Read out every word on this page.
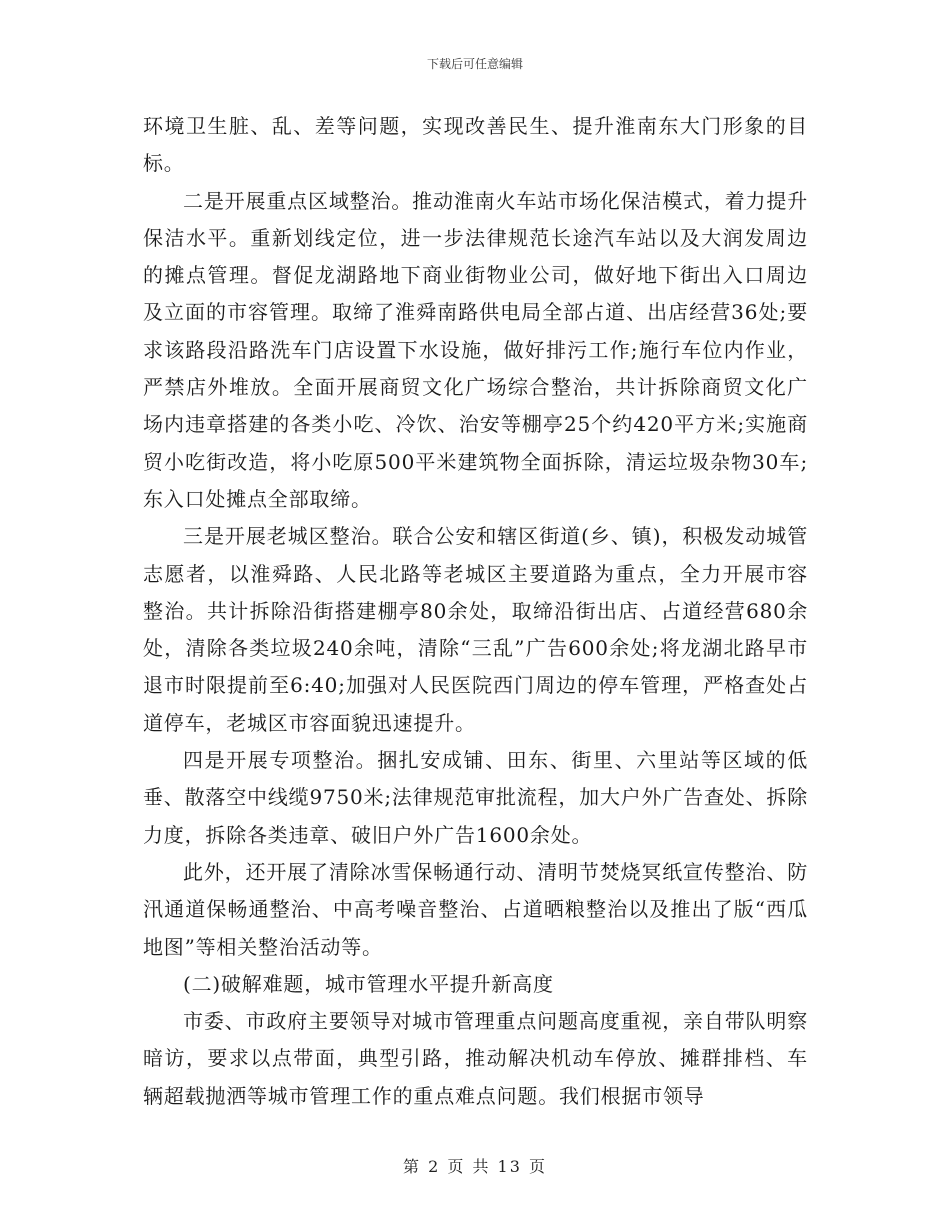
下载后可任意编辑

环境卫生脏、乱、差等问题，实现改善民生、提升淮南东大门形象的目标。

二是开展重点区域整治。推动淮南火车站市场化保洁模式，着力提升保洁水平。重新划线定位，进一步法律规范长途汽车站以及大润发周边的摊点管理。督促龙湖路地下商业街物业公司，做好地下街出入口周边及立面的市容管理。取缔了淮舜南路供电局全部占道、出店经营36处;要求该路段沿路洗车门店设置下水设施，做好排污工作;施行车位内作业，严禁店外堆放。全面开展商贸文化广场综合整治，共计拆除商贸文化广场内违章搭建的各类小吃、冷饮、治安等棚亭25个约420平方米;实施商贸小吃街改造，将小吃原500平米建筑物全面拆除，清运垃圾杂物30车;东入口处摊点全部取缔。

三是开展老城区整治。联合公安和辖区街道(乡、镇)，积极发动城管志愿者，以淮舜路、人民北路等老城区主要道路为重点，全力开展市容整治。共计拆除沿街搭建棚亭80余处，取缔沿街出店、占道经营680余处，清除各类垃圾240余吨，清除“三乱”广告600余处;将龙湖北路早市退市时限提前至6:40;加强对人民医院西门周边的停车管理，严格查处占道停车，老城区市容面貌迅速提升。

四是开展专项整治。捆扎安成铺、田东、街里、六里站等区域的低垂、散落空中线缆9750米;法律规范审批流程，加大户外广告查处、拆除力度，拆除各类违章、破旧户外广告1600余处。

此外，还开展了清除冰雪保畅通行动、清明节焚烧冥纸宣传整治、防汛通道保畅通整治、中高考噪音整治、占道晒粮整治以及推出了版“西瓜地图”等相关整治活动等。

(二)破解难题，城市管理水平提升新高度

市委、市政府主要领导对城市管理重点问题高度重视，亲自带队明察暗访，要求以点带面，典型引路，推动解决机动车停放、摊群排档、车辆超载抛洒等城市管理工作的重点难点问题。我们根据市领导

第 2 页 共 13 页
